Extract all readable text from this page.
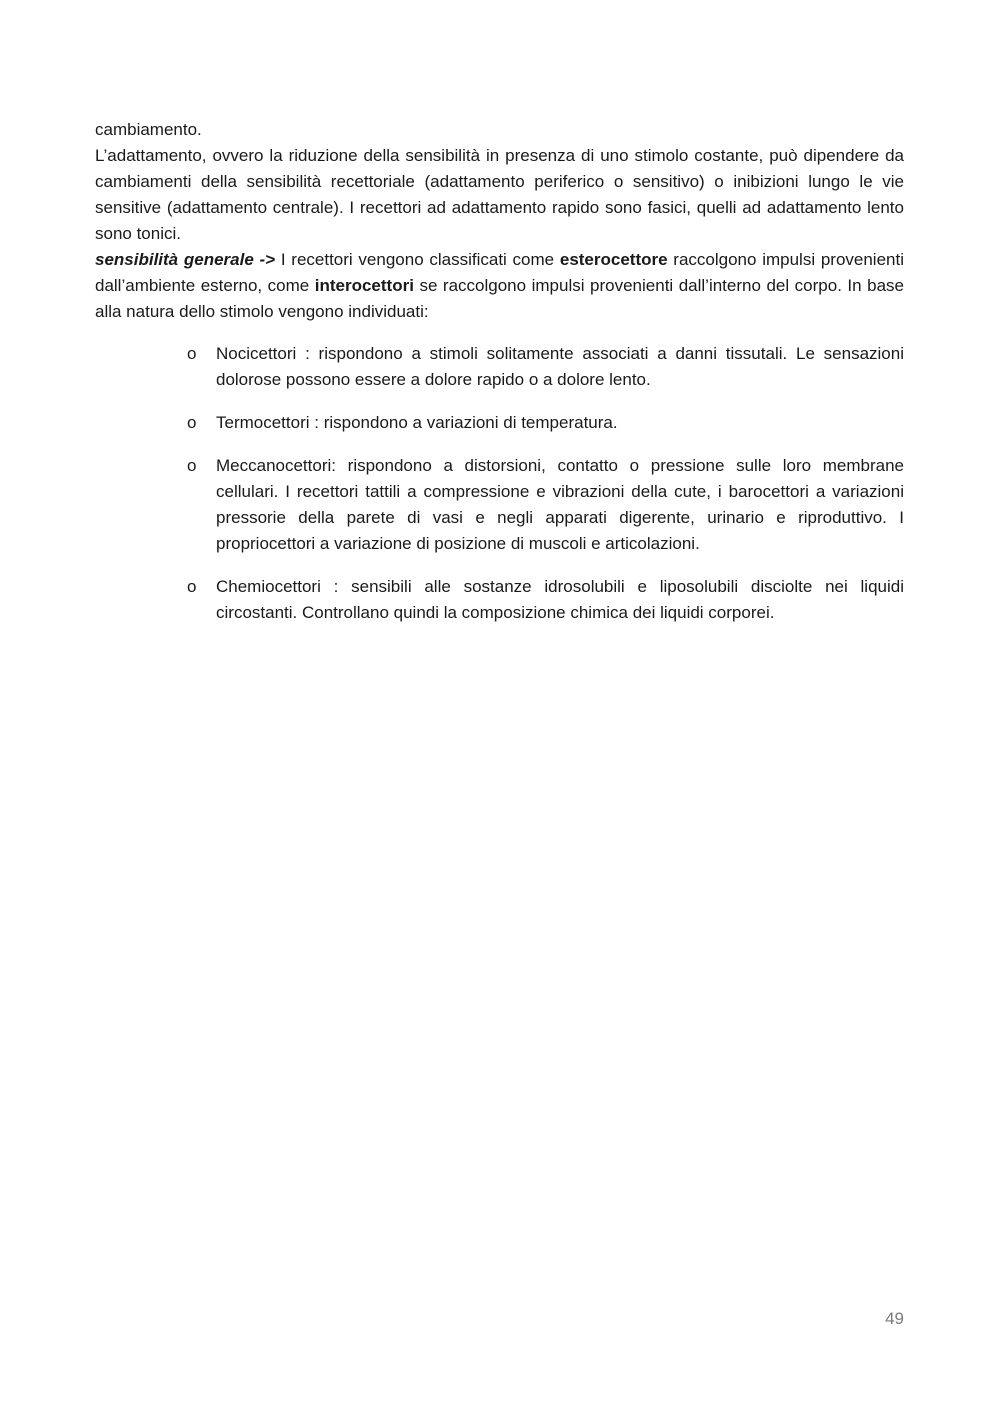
cambiamento.

L’adattamento, ovvero la riduzione della sensibilità in presenza di uno stimolo costante, può dipendere da cambiamenti della sensibilità recettoriale (adattamento periferico o sensitivo) o inibizioni lungo le vie sensitive (adattamento centrale). I recettori ad adattamento rapido sono fasici, quelli ad adattamento lento sono tonici.

sensibilità generale -> I recettori vengono classificati come esterocettore raccolgono impulsi provenienti dall’ambiente esterno, come interocettori se raccolgono impulsi provenienti dall’interno del corpo. In base alla natura dello stimolo vengono individuati:

o Nocicettori : rispondono a stimoli solitamente associati a danni tissutali. Le sensazioni dolorose possono essere a dolore rapido o a dolore lento.
o Termocettori : rispondono a variazioni di temperatura.
o Meccanocettori: rispondono a distorsioni, contatto o pressione sulle loro membrane cellulari. I recettori tattili a compressione e vibrazioni della cute, i barocettori a variazioni pressorie della parete di vasi e negli apparati digerente, urinario e riproduttivo. I propriocettori a variazione di posizione di muscoli e articolazioni.
o Chemiocettori : sensibili alle sostanze idrosolubili e liposolubili disciolte nei liquidi circostanti. Controllano quindi la composizione chimica dei liquidi corporei.
49
